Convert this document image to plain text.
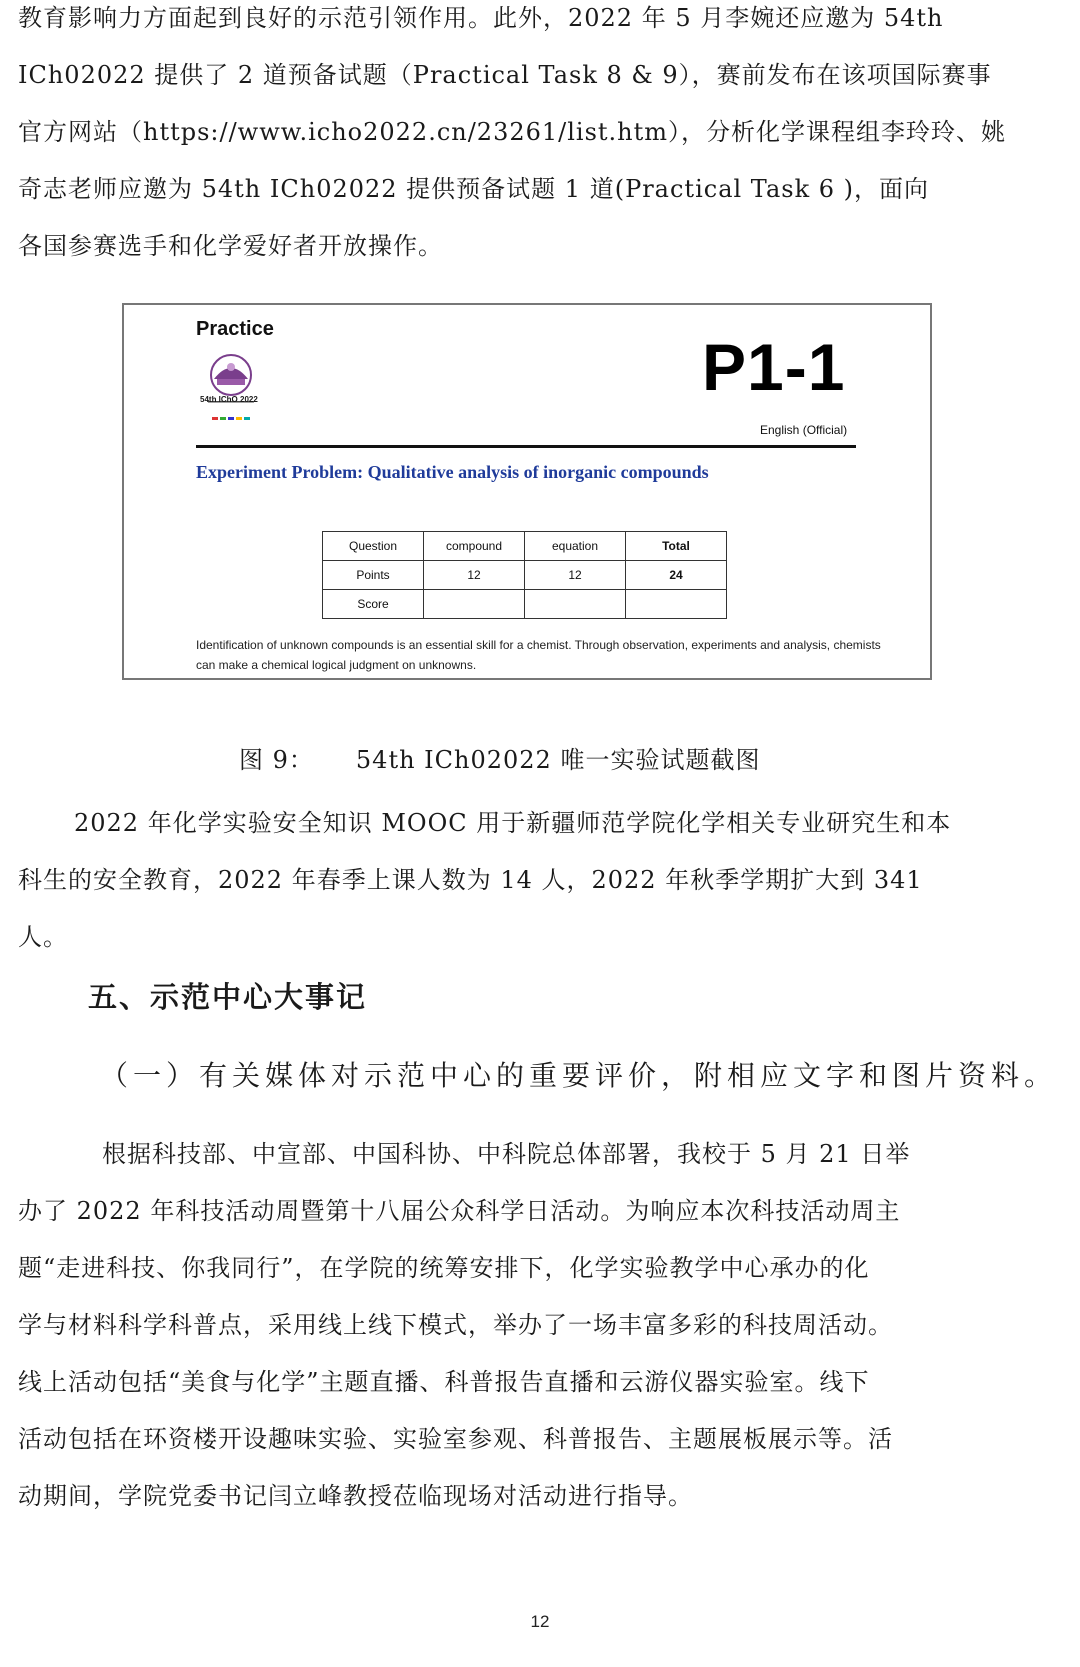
教育影响力方面起到良好的示范引领作用。此外，2022 年 5 月李婉还应邀为 54th
ICh02022 提供了 2 道预备试题（Practical Task 8 & 9），赛前发布在该项国际赛事
官方网站（https://www.icho2022.cn/23261/list.htm），分析化学课程组李玲玲、姚
奇志老师应邀为 54th ICh02022 提供预备试题 1 道(Practical Task 6 )，面向
各国参赛选手和化学爱好者开放操作。
Practice
54th IChO 2022	P1-1
English (Official)
Experiment Problem: Qualitative analysis of inorganic compounds
Question	compound	equation	Total
Points	12	12	24
Score			
Identification of unknown compounds is an essential skill for a chemist. Through observation, experiments and analysis, chemists can make a chemical logical judgment on unknowns.
图 9： 54th ICh02022 唯一实验试题截图
2022 年化学实验安全知识 MOOC 用于新疆师范学院化学相关专业研究生和本
科生的安全教育，2022 年春季上课人数为 14 人，2022 年秋季学期扩大到 341
人。
五、示范中心大事记
（一）有关媒体对示范中心的重要评价，附相应文字和图片资料。
根据科技部、中宣部、中国科协、中科院总体部署，我校于 5 月 21 日举
办了 2022 年科技活动周暨第十八届公众科学日活动。为响应本次科技活动周主
题“走进科技、你我同行”，在学院的统筹安排下，化学实验教学中心承办的化
学与材料科学科普点，采用线上线下模式，举办了一场丰富多彩的科技周活动。
线上活动包括“美食与化学”主题直播、科普报告直播和云游仪器实验室。线下
活动包括在环资楼开设趣味实验、实验室参观、科普报告、主题展板展示等。活
动期间，学院党委书记闫立峰教授莅临现场对活动进行指导。
12
